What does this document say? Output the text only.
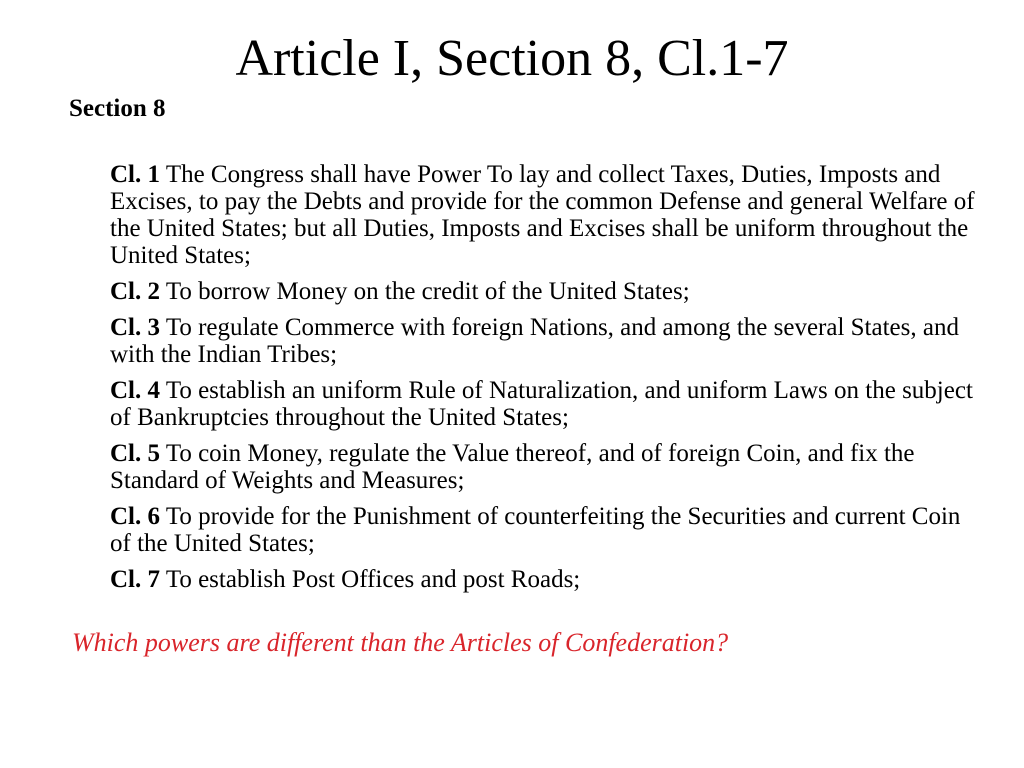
Article I, Section 8, Cl.1-7
Section 8

Cl. 1 The Congress shall have Power To lay and collect Taxes, Duties, Imposts and Excises, to pay the Debts and provide for the common Defense and general Welfare of the United States; but all Duties, Imposts and Excises shall be uniform throughout the United States;

Cl. 2 To borrow Money on the credit of the United States;

Cl. 3 To regulate Commerce with foreign Nations, and among the several States, and with the Indian Tribes;

Cl. 4 To establish an uniform Rule of Naturalization, and uniform Laws on the subject of Bankruptcies throughout the United States;

Cl. 5 To coin Money, regulate the Value thereof, and of foreign Coin, and fix the Standard of Weights and Measures;

Cl. 6 To provide for the Punishment of counterfeiting the Securities and current Coin of the United States;

Cl. 7 To establish Post Offices and post Roads;

Which powers are different than the Articles of Confederation?
